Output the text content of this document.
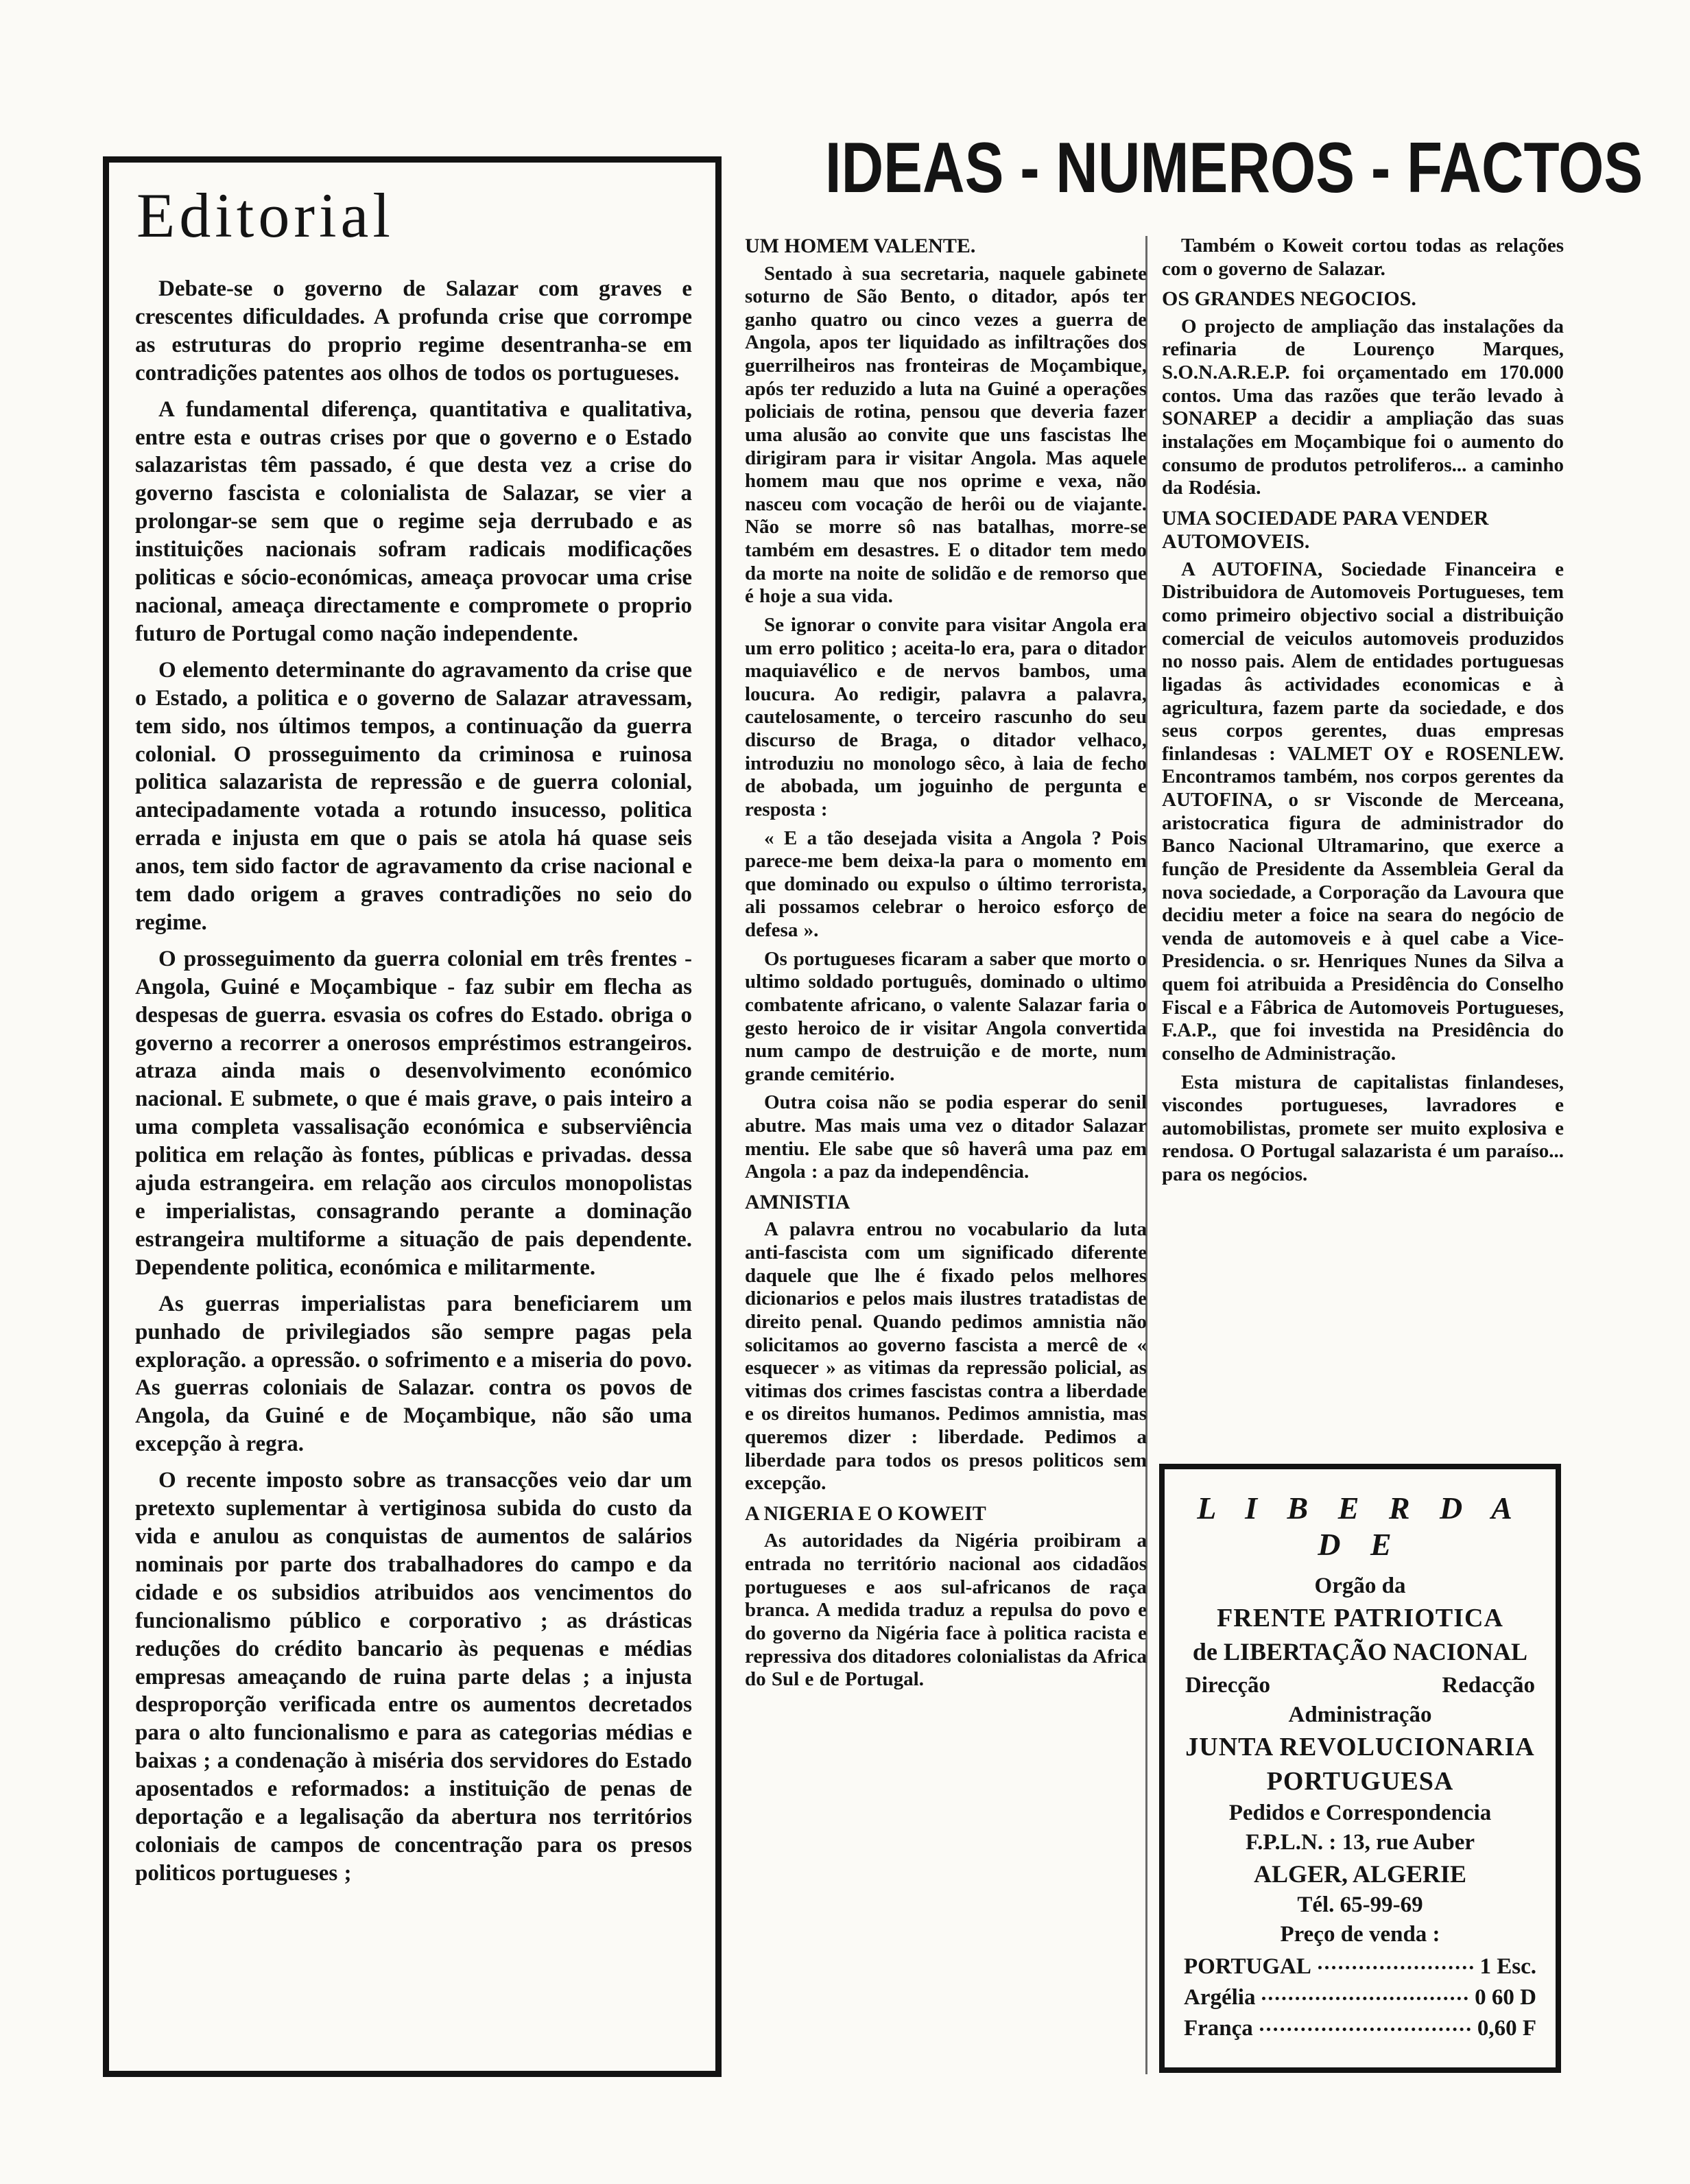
IDEAS - NUMEROS - FACTOS
Editorial

Debate-se o governo de Salazar com graves e crescentes dificuldades. A profunda crise que corrompe as estruturas do proprio regime desentranha-se em contradições patentes aos olhos de todos os portugueses.

A fundamental diferença, quantitativa e qualitativa, entre esta e outras crises por que o governo e o Estado salazaristas têm passado, é que desta vez a crise do governo fascista e colonialista de Salazar, se vier a prolongar-se sem que o regime seja derrubado e as instituições nacionais sofram radicais modificações politicas e sócio-económicas, ameaça provocar uma crise nacional, ameaça directamente e compromete o proprio futuro de Portugal como nação independente.

O elemento determinante do agravamento da crise que o Estado, a politica e o governo de Salazar atravessam, tem sido, nos últimos tempos, a continuação da guerra colonial. O prosseguimento da criminosa e ruinosa politica salazarista de repressão e de guerra colonial, antecipadamente votada a rotundo insucesso, politica errada e injusta em que o pais se atola há quase seis anos, tem sido factor de agravamento da crise nacional e tem dado origem a graves contradições no seio do regime.

O prosseguimento da guerra colonial em três frentes - Angola, Guiné e Moçambique - faz subir em flecha as despesas de guerra. esvasia os cofres do Estado. obriga o governo a recorrer a onerosos empréstimos estrangeiros. atraza ainda mais o desenvolvimento económico nacional. E submete, o que é mais grave, o pais inteiro a uma completa vassalisação económica e subserviência politica em relação às fontes, públicas e privadas. dessa ajuda estrangeira. em relação aos circulos monopolistas e imperialistas, consagrando perante a dominação estrangeira multiforme a situação de pais dependente. Dependente politica, económica e militarmente.

As guerras imperialistas para beneficiarem um punhado de privilegiados são sempre pagas pela exploração. a opressão. o sofrimento e a miseria do povo. As guerras coloniais de Salazar. contra os povos de Angola, da Guiné e de Moçambique, não são uma excepção à regra.

O recente imposto sobre as transacções veio dar um pretexto suplementar à vertiginosa subida do custo da vida e anulou as conquistas de aumentos de salários nominais por parte dos trabalhadores do campo e da cidade e os subsidios atribuidos aos vencimentos do funcionalismo público e corporativo ; as drásticas reduções do crédito bancario às pequenas e médias empresas ameaçando de ruina parte delas ; a injusta desproporção verificada entre os aumentos decretados para o alto funcionalismo e para as categorias médias e baixas ; a condenação à miséria dos servidores do Estado aposentados e reformados: a instituição de penas de deportação e a legalisação da abertura nos territórios coloniais de campos de concentração para os presos politicos portugueses ;

UM HOMEM VALENTE.

Sentado à sua secretaria, naquele gabinete soturno de São Bento, o ditador, após ter ganho quatro ou cinco vezes a guerra de Angola, apos ter liquidado as infiltrações dos guerrilheiros nas fronteiras de Moçambique, após ter reduzido a luta na Guiné a operações policiais de rotina, pensou que deveria fazer uma alusão ao convite que uns fascistas lhe dirigiram para ir visitar Angola. Mas aquele homem mau que nos oprime e vexa, não nasceu com vocação de herôi ou de viajante. Não se morre sô nas batalhas, morre-se também em desastres. E o ditador tem medo da morte na noite de solidão e de remorso que é hoje a sua vida.

Se ignorar o convite para visitar Angola era um erro politico ; aceita-lo era, para o ditador maquiavélico e de nervos bambos, uma loucura. Ao redigir, palavra a palavra, cautelosamente, o terceiro rascunho do seu discurso de Braga, o ditador velhaco, introduziu no monologo sêco, à laia de fecho de abobada, um joguinho de pergunta e resposta :

« E a tão desejada visita a Angola ? Pois parece-me bem deixa-la para o momento em que dominado ou expulso o último terrorista, ali possamos celebrar o heroico esforço de defesa ».

Os portugueses ficaram a saber que morto o ultimo soldado português, dominado o ultimo combatente africano, o valente Salazar faria o gesto heroico de ir visitar Angola convertida num campo de destruição e de morte, num grande cemitério.

Outra coisa não se podia esperar do senil abutre. Mas mais uma vez o ditador Salazar mentiu. Ele sabe que sô haverâ uma paz em Angola : a paz da independência.

AMNISTIA

A palavra entrou no vocabulario da luta anti-fascista com um significado diferente daquele que lhe é fixado pelos melhores dicionarios e pelos mais ilustres tratadistas de direito penal. Quando pedimos amnistia não solicitamos ao governo fascista a mercê de « esquecer » as vitimas da repressão policial, as vitimas dos crimes fascistas contra a liberdade e os direitos humanos. Pedimos amnistia, mas queremos dizer : liberdade. Pedimos a liberdade para todos os presos politicos sem excepção.

A NIGERIA E O KOWEIT

As autoridades da Nigéria proibiram a entrada no território nacional aos cidadãos portugueses e aos sul-africanos de raça branca. A medida traduz a repulsa do povo e do governo da Nigéria face à politica racista e repressiva dos ditadores colonialistas da Africa do Sul e de Portugal.

Também o Koweit cortou todas as relações com o governo de Salazar.

OS GRANDES NEGOCIOS.

O projecto de ampliação das instalações da refinaria de Lourenço Marques, S.O.N.A.R.E.P. foi orçamentado em 170.000 contos. Uma das razões que terão levado à SONAREP a decidir a ampliação das suas instalações em Moçambique foi o aumento do consumo de produtos petroliferos... a caminho da Rodésia.

UMA SOCIEDADE PARA VENDER AUTOMOVEIS.

A AUTOFINA, Sociedade Financeira e Distribuidora de Automoveis Portugueses, tem como primeiro objectivo social a distribuição comercial de veiculos automoveis produzidos no nosso pais. Alem de entidades portuguesas ligadas âs actividades economicas e à agricultura, fazem parte da sociedade, e dos seus corpos gerentes, duas empresas finlandesas : VALMET OY e ROSENLEW. Encontramos também, nos corpos gerentes da AUTOFINA, o sr Visconde de Merceana, aristocratica figura de administrador do Banco Nacional Ultramarino, que exerce a função de Presidente da Assembleia Geral da nova sociedade, a Corporação da Lavoura que decidiu meter a foice na seara do negócio de venda de automoveis e à quel cabe a Vice-Presidencia. o sr. Henriques Nunes da Silva a quem foi atribuida a Presidência do Conselho Fiscal e a Fâbrica de Automoveis Portugueses, F.A.P., que foi investida na Presidência do conselho de Administração.

Esta mistura de capitalistas finlandeses, viscondes portugueses, lavradores e automobilistas, promete ser muito explosiva e rendosa. O Portugal salazarista é um paraíso... para os negócios.

L I B E R D A D E
Orgão da
FRENTE PATRIOTICA
de LIBERTAÇÃO NACIONAL
Direcção	Redacção
Administração
JUNTA REVOLUCIONARIA
PORTUGUESA
Pedidos e Correspondencia
F.P.L.N. : 13, rue Auber
ALGER, ALGERIE
Tél. 65-99-69
Preço de venda :
PORTUGAL	1 Esc.
Argélia	0 60 D
França	0,60 F
